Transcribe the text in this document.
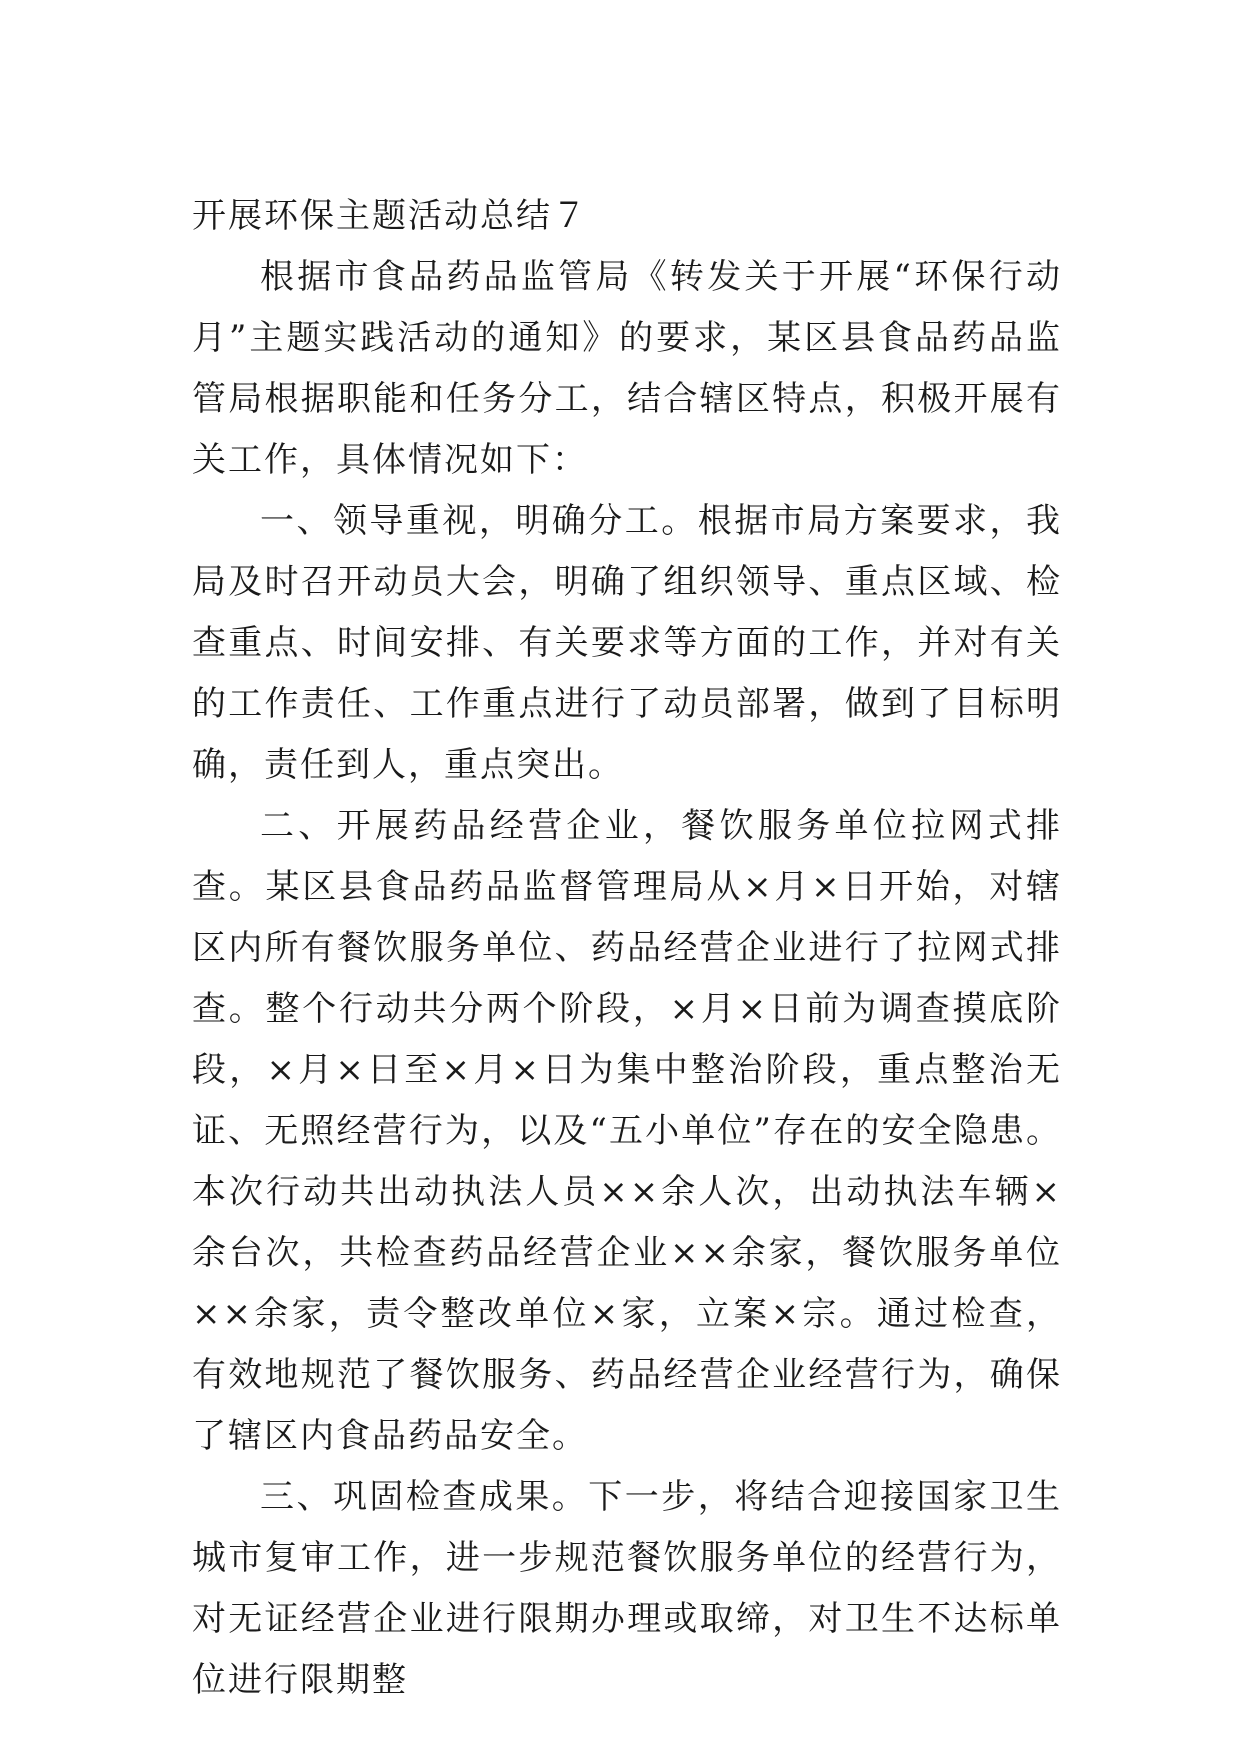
开展环保主题活动总结７

根据市食品药品监管局《转发关于开展“环保行动月”主题实践活动的通知》的要求，某区县食品药品监管局根据职能和任务分工，结合辖区特点，积极开展有关工作，具体情况如下：

一、领导重视，明确分工。根据市局方案要求，我局及时召开动员大会，明确了组织领导、重点区域、检查重点、时间安排、有关要求等方面的工作，并对有关的工作责任、工作重点进行了动员部署，做到了目标明确，责任到人，重点突出。

二、开展药品经营企业，餐饮服务单位拉网式排查。某区县食品药品监督管理局从×月×日开始，对辖区内所有餐饮服务单位、药品经营企业进行了拉网式排查。整个行动共分两个阶段，×月×日前为调查摸底阶段，×月×日至×月×日为集中整治阶段，重点整治无证、无照经营行为，以及“五小单位”存在的安全隐患。本次行动共出动执法人员××余人次，出动执法车辆×余台次，共检查药品经营企业××余家，餐饮服务单位××余家，责令整改单位×家，立案×宗。通过检查，有效地规范了餐饮服务、药品经营企业经营行为，确保了辖区内食品药品安全。

三、巩固检查成果。下一步，将结合迎接国家卫生城市复审工作，进一步规范餐饮服务单位的经营行为，对无证经营企业进行限期办理或取缔，对卫生不达标单位进行限期整
